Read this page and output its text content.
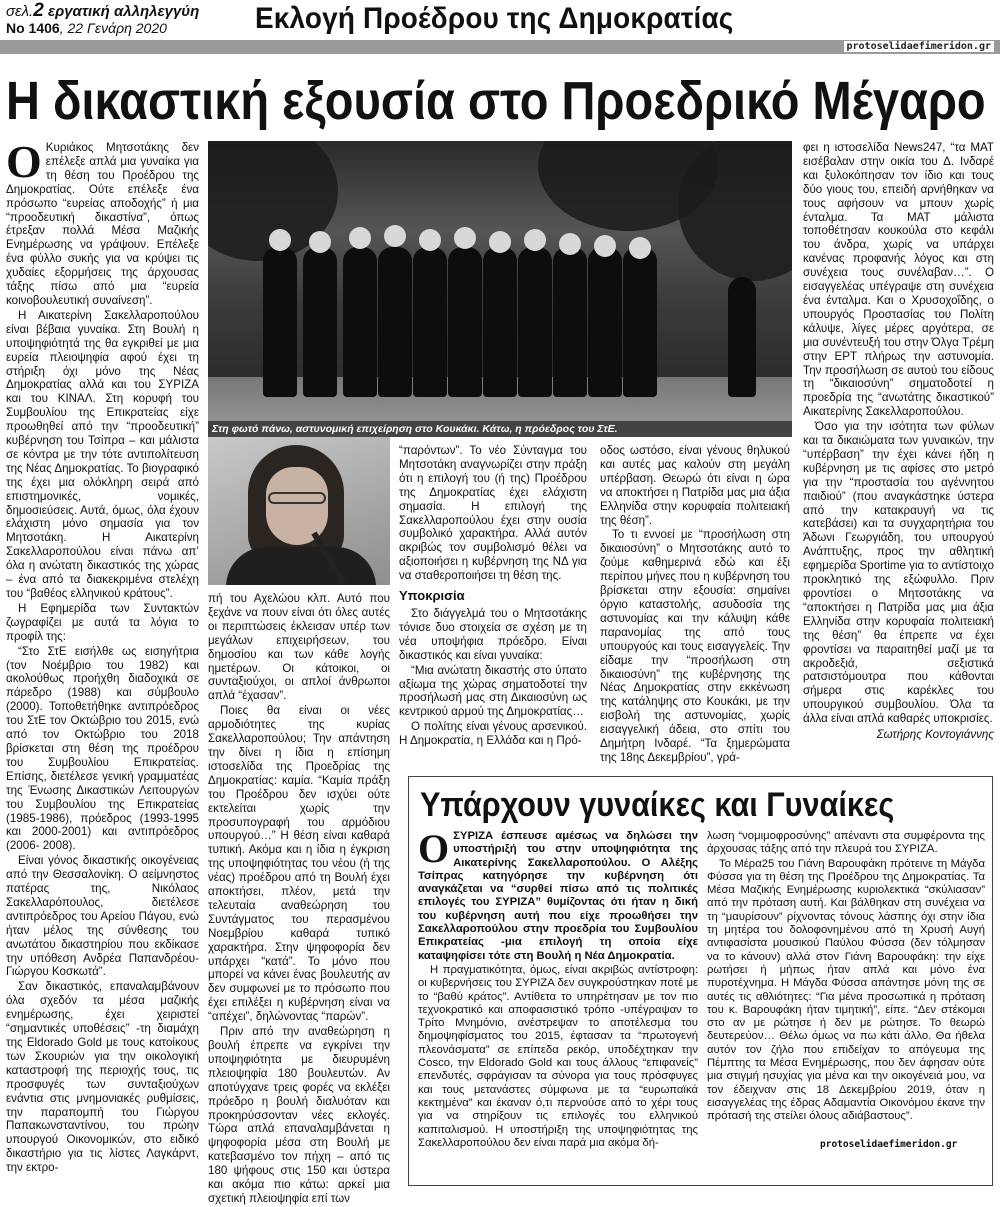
σελ.2 εργατική αλληλεγγύη
Νο 1406, 22 Γενάρη 2020	Εκλογή Προέδρου της Δημοκρατίας
protoselidaefimeridon.gr
Η δικαστική εξουσία στο Προεδρικό Μέγαρο

Ο Κυριάκος Μητσοτάκης δεν επέλεξε απλά μια γυναίκα για τη θέση του Προέδρου της Δημοκρατίας. Ούτε επέλεξε ένα πρόσωπο “ευρείας αποδοχής” ή μια “προοδευτική δικαστίνα”, όπως έτρεξαν πολλά Μέσα Μαζικής Ενημέρωσης να γράψουν. Επέλεξε ένα φύλλο συκής για να κρύψει τις χυδαίες εξορμήσεις της άρχουσας τάξης πίσω από μια “ευρεία κοινοβουλευτική συναίνεση”.

Η Αικατερίνη Σακελλαροπούλου είναι βέβαια γυναίκα. Στη Βουλή η υποψηφιότητά της θα εγκριθεί με μια ευρεία πλειοψηφία αφού έχει τη στήριξη όχι μόνο της Νέας Δημοκρατίας αλλά και του ΣΥΡΙΖΑ και του ΚΙΝΑΛ. Στη κορυφή του Συμβουλίου της Επικρατείας είχε προωθηθεί από την “προοδευτική” κυβέρνηση του Τσίπρα – και μάλιστα σε κόντρα με την τότε αντιπολίτευση της Νέας Δημοκρατίας. Το βιογραφικό της έχει μια ολόκληρη σειρά από επιστημονικές, νομικές, δημοσιεύσεις. Αυτά, όμως, όλα έχουν ελάχιστη μόνο σημασία για τον Μητσοτάκη. Η Αικατερίνη Σακελλαροπούλου είναι πάνω απ’ όλα η ανώτατη δικαστικός της χώρας – ένα από τα διακεκριμένα στελέχη του “βαθέος ελληνικού κράτους”.

Η Εφημερίδα των Συντακτών ζωγραφίζει με αυτά τα λόγια το προφίλ της:

“Στο ΣτΕ εισήλθε ως εισηγήτρια (τον Νοέμβριο του 1982) και ακολούθως προήχθη διαδοχικά σε πάρεδρο (1988) και σύμβουλο (2000). Τοποθετήθηκε αντιπρόεδρος του ΣτΕ τον Οκτώβριο του 2015, ενώ από τον Οκτώβριο του 2018 βρίσκεται στη θέση της προέδρου του Συμβουλίου Επικρατείας. Επίσης, διετέλεσε γενική γραμματέας της Ένωσης Δικαστικών Λειτουργών του Συμβουλίου της Επικρατείας (1985-1986), πρόεδρος (1993-1995 και 2000-2001) και αντιπρόεδρος (2006- 2008).

Είναι γόνος δικαστικής οικογένειας από την Θεσσαλονίκη. Ο αείμνηστος πατέρας της, Νικόλαος Σακελλαρόπουλος, διετέλεσε αντιπρόεδρος του Αρείου Πάγου, ενώ ήταν μέλος της σύνθεσης του ανωτάτου δικαστηρίου που εκδίκασε την υπόθεση Ανδρέα Παπανδρέου-Γιώργου Κοσκωτά”.

Σαν δικαστικός, επαναλαμβάνουν όλα σχεδόν τα μέσα μαζικής ενημέρωσης, έχει χειριστεί “σημαντικές υποθέσεις” -τη διαμάχη της Eldorado Gold με τους κατοίκους των Σκουριών για την οικολογική καταστροφή της περιοχής τους, τις προσφυγές των συνταξιούχων ενάντια στις μνημονιακές ρυθμίσεις, την παραπομπή του Γιώργου Παπακωνσταντίνου, του πρώην υπουργού Οικονομικών, στο ειδικό δικαστήριο για τις λίστες Λαγκάρντ, την εκτρο-

Στη φωτό πάνω, αστυνομική επιχείρηση στο Κουκάκι. Κάτω, η πρόεδρος του ΣτΕ.

πή του Αχελώου κλπ. Αυτό που ξεχάνε να πουν είναι ότι όλες αυτές οι περιπτώσεις έκλεισαν υπέρ των μεγάλων επιχειρήσεων, του δημοσίου και των κάθε λογής ημετέρων. Οι κάτοικοι, οι συνταξιούχοι, οι απλοί άνθρωποι απλά “έχασαν”.

Ποιες θα είναι οι νέες αρμοδιότητες της κυρίας Σακελλαροπούλου; Την απάντηση την δίνει η ίδια η επίσημη ιστοσελίδα της Προεδρίας της Δημοκρατίας: καμία. “Καμία πράξη του Προέδρου δεν ισχύει ούτε εκτελείται χωρίς την προσυπογραφή του αρμόδιου υπουργού…” Η θέση είναι καθαρά τυπική. Ακόμα και η ίδια η έγκριση της υποψηφιότητας του νέου (ή της νέας) προέδρου από τη Βουλή έχει αποκτήσει, πλέον, μετά την τελευταία αναθεώρηση του Συντάγματος του περασμένου Νοεμβρίου καθαρά τυπικό χαρακτήρα. Στην ψηφοφορία δεν υπάρχει “κατά”. Το μόνο που μπορεί να κάνει ένας βουλευτής αν δεν συμφωνεί με το πρόσωπο που έχει επιλέξει η κυβέρνηση είναι να “απέχει”, δηλώνοντας “παρών”.

Πριν από την αναθεώρηση η βουλή έπρεπε να εγκρίνει την υποψηφιότητα με διευρυμένη πλειοψηφία 180 βουλευτών. Αν αποτύγχανε τρεις φορές να εκλέξει πρόεδρο η βουλή διαλυόταν και προκηρύσσονταν νέες εκλογές. Τώρα απλά επαναλαμβάνεται η ψηφοφορία μέσα στη Βουλή με κατεβασμένο τον πήχη – από τις 180 ψήφους στις 150 και ύστερα και ακόμα πιο κάτω: αρκεί μια σχετική πλειοψηφία επί των

“παρόντων”. Το νέο Σύνταγμα του Μητσοτάκη αναγνωρίζει στην πράξη ότι η επιλογή του (ή της) Προέδρου της Δημοκρατίας έχει ελάχιστη σημασία. Η επιλογή της Σακελλαροπούλου έχει στην ουσία συμβολικό χαρακτήρα. Αλλά αυτόν ακριβώς τον συμβολισμό θέλει να αξιοποιήσει η κυβέρνηση της ΝΔ για να σταθεροποιήσει τη θέση της.

Υποκρισία

Στο διάγγελμά του ο Μητσοτάκης τόνισε δυο στοιχεία σε σχέση με τη νέα υποψήφια πρόεδρο. Είναι δικαστικός και είναι γυναίκα:

“Μια ανώτατη δικαστής στο ύπατο αξίωμα της χώρας σηματοδοτεί την προσήλωσή μας στη Δικαιοσύνη ως κεντρικού αρμού της Δημοκρατίας…

Ο πολίτης είναι γένους αρσενικού. Η Δημοκρατία, η Ελλάδα και η Πρό-

οδος ωστόσο, είναι γένους θηλυκού και αυτές μας καλούν στη μεγάλη υπέρβαση. Θεωρώ ότι είναι η ώρα να αποκτήσει η Πατρίδα μας μια άξια Ελληνίδα στην κορυφαία πολιτειακή της θέση”.

Το τι εννοεί με “προσήλωση στη δικαιοσύνη” ο Μητσοτάκης αυτό το ζούμε καθημερινά εδώ και έξι περίπου μήνες που η κυβέρνηση του βρίσκεται στην εξουσία: σημαίνει όργιο καταστολής, ασυδοσία της αστυνομίας και την κάλυψη κάθε παρανομίας της από τους υπουργούς και τους εισαγγελείς. Την είδαμε την “προσήλωση στη δικαιοσύνη” της κυβέρνησης της Νέας Δημοκρατίας στην εκκένωση της κατάληψης στο Κουκάκι, με την εισβολή της αστυνομίας, χωρίς εισαγγελική άδεια, στο σπίτι του Δημήτρη Ινδαρέ. “Τα ξημερώματα της 18ης Δεκεμβρίου”, γρά-

φει η ιστοσελίδα News247, “τα ΜΑΤ εισέβαλαν στην οικία του Δ. Ινδαρέ και ξυλοκόπησαν τον ίδιο και τους δύο γιους του, επειδή αρνήθηκαν να τους αφήσουν να μπουν χωρίς ένταλμα. Τα ΜΑΤ μάλιστα τοποθέτησαν κουκούλα στο κεφάλι του άνδρα, χωρίς να υπάρχει κανένας προφανής λόγος και στη συνέχεια τους συνέλαβαν…”. Ο εισαγγελέας υπέγραψε στη συνέχεια ένα ένταλμα. Και ο Χρυσοχοΐδης, ο υπουργός Προστασίας του Πολίτη κάλυψε, λίγες μέρες αργότερα, σε μια συνέντευξή του στην Όλγα Τρέμη στην ΕΡΤ πλήρως την αστυνομία. Την προσήλωση σε αυτού του είδους τη “δικαιοσύνη” σηματοδοτεί η προεδρία της “ανωτάτης δικαστικού” Αικατερίνης Σακελλαροπούλου.

Όσο για την ισότητα των φύλων και τα δικαιώματα των γυναικών, την “υπέρβαση” την έχει κάνει ήδη η κυβέρνηση με τις αφίσες στο μετρό για την “προστασία του αγέννητου παιδιού” (που αναγκάστηκε ύστερα από την κατακραυγή να τις κατεβάσει) και τα συγχαρητήρια του Άδωνι Γεωργιάδη, του υπουργού Ανάπτυξης, προς την αθλητική εφημερίδα Sportime για το αντίστοιχο προκλητικό της εξώφυλλο. Πριν φροντίσει ο Μητσοτάκης να “αποκτήσει η Πατρίδα μας μια άξια Ελληνίδα στην κορυφαία πολιτειακή της θέση” θα έπρεπε να έχει φροντίσει να παραιτηθεί μαζί με τα ακροδεξιά, σεξιστικά ρατσιστόμουτρα που κάθονται σήμερα στις καρέκλες του υπουργικού συμβουλίου. Όλα τα άλλα είναι απλά καθαρές υποκρισίες.

Σωτήρης Κοντογιάννης
Υπάρχουν γυναίκες και Γυναίκες

O ΣΥΡΙΖΑ έσπευσε αμέσως να δηλώσει την υποστήριξή του στην υποψηφιότητα της Αικατερίνης Σακελλαροπούλου. Ο Αλέξης Τσίπρας κατηγόρησε την κυβέρνηση ότι αναγκάζεται να “συρθεί πίσω από τις πολιτικές επιλογές του ΣΥΡΙΖΑ” θυμίζοντας ότι ήταν η δική του κυβέρνηση αυτή που είχε προωθήσει την Σακελλαροπούλου στην προεδρία του Συμβουλίου Επικρατείας -μια επιλογή τη οποία είχε καταψηφίσει τότε στη Βουλή η Νέα Δημοκρατία.

Η πραγματικότητα, όμως, είναι ακριβώς αντίστροφη: οι κυβερνήσεις του ΣΥΡΙΖΑ δεν συγκρούστηκαν ποτέ με το “βαθύ κράτος”. Αντίθετα το υπηρέτησαν με τον πιο τεχνοκρατικό και αποφασιστικό τρόπο -υπέγραψαν το Τρίτο Μνημόνιο, ανέστρεψαν το αποτέλεσμα του δημοψηφίσματος του 2015, έφτασαν τα “πρωτογενή πλεονάσματα” σε επίπεδα ρεκόρ, υποδέχτηκαν την Cosco, την Eldorado Gold και τους άλλους “επιφανείς” επενδυτές, σφράγισαν τα σύνορα για τους πρόσφυγες και τους μετανάστες σύμφωνα με τα “ευρωπαϊκά κεκτημένα” και έκαναν ό,τι περνούσε από το χέρι τους για να στηρίξουν τις επιλογές του ελληνικού καπιταλισμού. Η υποστήριξη της υποψηφιότητας της Σακελλαροπούλου δεν είναι παρά μια ακόμα δή-

λωση “νομιμοφροσύνης” απέναντι στα συμφέροντα της άρχουσας τάξης από την πλευρά του ΣΥΡΙΖΑ.

Το Μέρα25 του Γιάνη Βαρουφάκη πρότεινε τη Μάγδα Φύσσα για τη θέση της Προέδρου της Δημοκρατίας. Τα Μέσα Μαζικής Ενημέρωσης κυριολεκτικά “σκύλιασαν” από την πρόταση αυτή. Και βάλθηκαν στη συνέχεια να τη “μαυρίσουν” ρίχνοντας τόνους λάσπης όχι στην ίδια τη μητέρα του δολοφονημένου από τη Χρυσή Αυγή αντιφασίστα μουσικού Παύλου Φύσσα (δεν τόλμησαν να το κάνουν) αλλά στον Γιάνη Βαρουφάκη: την είχε ρωτήσει ή μήπως ήταν απλά και μόνο ένα πυροτέχνημα. Η Μάγδα Φύσσα απάντησε μόνη της σε αυτές τις αθλιότητες: “Για μένα προσωπικά η πρόταση του κ. Βαρουφάκη ήταν τιμητική”, είπε. “Δεν στέκομαι στο αν με ρώτησε ή δεν με ρώτησε. Το θεωρώ δευτερεύον… Θέλω όμως να πω κάτι άλλο. Θα ήθελα αυτόν τον ζήλο που επιδείχαν το απόγευμα της Πέμπτης τα Μέσα Ενημέρωσης, που δεν άφησαν ούτε μια στιγμή ησυχίας για μένα και την οικογένειά μου, να τον έδειχναν στις 18 Δεκεμβρίου 2019, όταν η εισαγγελέας της έδρας Αδαμαντία Οικονόμου έκανε την πρότασή της στείλει όλους αδιάβαστους”.

protoselidaefimeridon.gr
